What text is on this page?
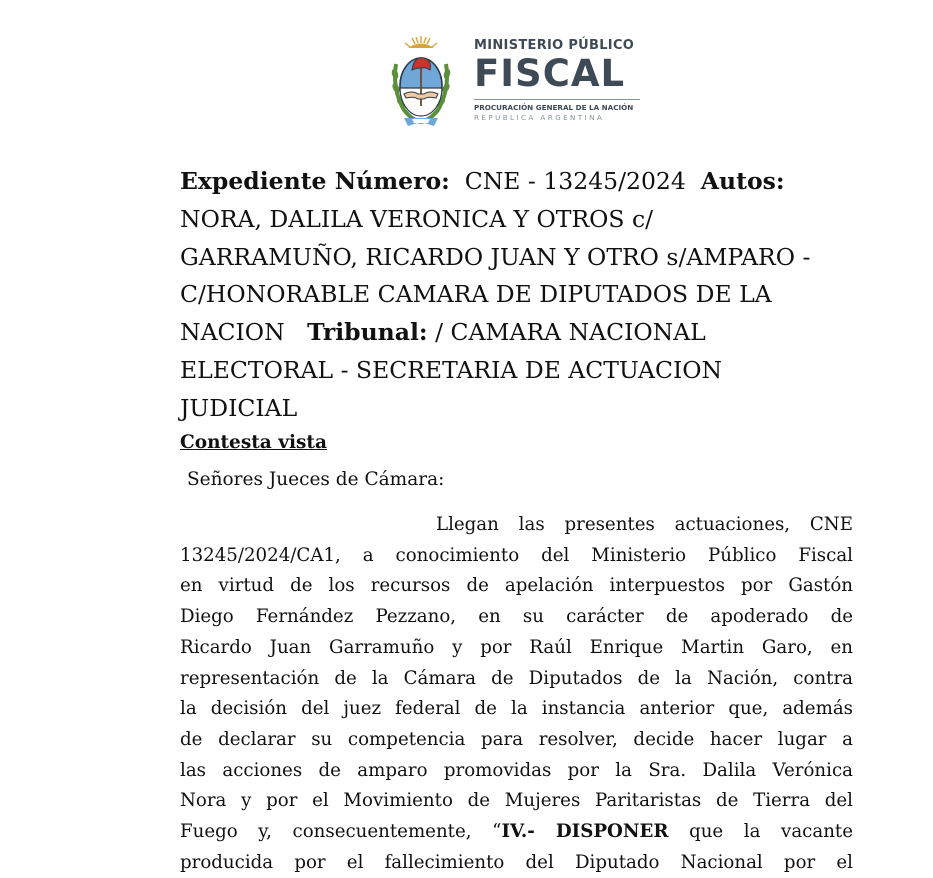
MINISTERIO PÚBLICO
FISCAL
PROCURACIÓN GENERAL DE LA NACIÓN
REPÚBLICA ARGENTINA
Expediente Número: CNE - 13245/2024 Autos:
NORA, DALILA VERONICA Y OTROS c/
GARRAMUÑO, RICARDO JUAN Y OTRO s/AMPARO -
C/HONORABLE CAMARA DE DIPUTADOS DE LA
NACION Tribunal: / CAMARA NACIONAL
ELECTORAL - SECRETARIA DE ACTUACION
JUDICIAL
Contesta vista
Señores Jueces de Cámara:
Llegan las presentes actuaciones, CNE
13245/2024/CA1, a conocimiento del Ministerio Público Fiscal
en virtud de los recursos de apelación interpuestos por Gastón
Diego Fernández Pezzano, en su carácter de apoderado de
Ricardo Juan Garramuño y por Raúl Enrique Martin Garo, en
representación de la Cámara de Diputados de la Nación, contra
la decisión del juez federal de la instancia anterior que, además
de declarar su competencia para resolver, decide hacer lugar a
las acciones de amparo promovidas por la Sra. Dalila Verónica
Nora y por el Movimiento de Mujeres Paritaristas de Tierra del
Fuego y, consecuentemente, “IV.- DISPONER que la vacante
producida por el fallecimiento del Diputado Nacional por el
